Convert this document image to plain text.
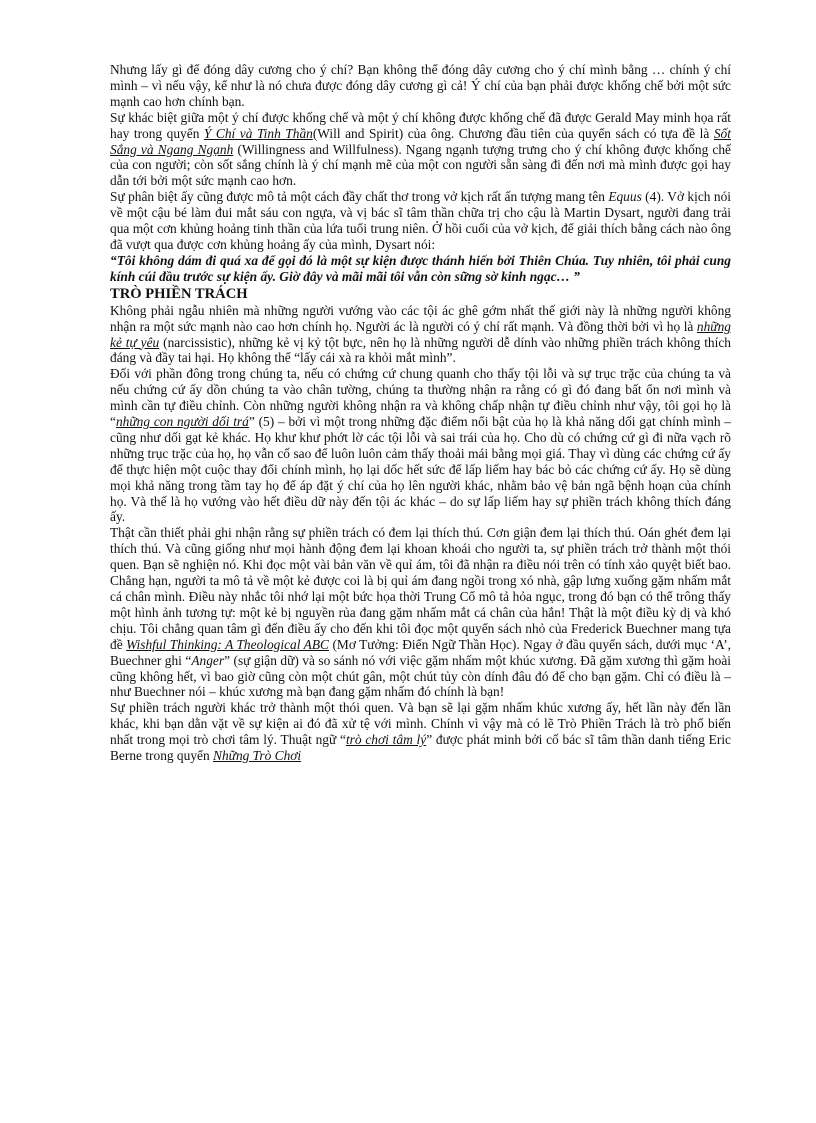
Nhưng lấy gì để đóng dây cương cho ý chí? Bạn không thể đóng dây cương cho ý chí mình bằng … chính ý chí mình – vì nếu vậy, kể như là nó chưa được đóng dây cương gì cả! Ý chí của bạn phải được khống chế bởi một sức mạnh cao hơn chính bạn.

Sự khác biệt giữa một ý chí được khống chế và một ý chí không được khống chế đã được Gerald May minh họa rất hay trong quyển Ý Chí và Tinh Thần(Will and Spirit) của ông. Chương đầu tiên của quyển sách có tựa đề là Sốt Sắng và Ngang Ngạnh (Willingness and Willfulness). Ngang ngạnh tượng trưng cho ý chí không được khống chế của con người; còn sốt sắng chính là ý chí mạnh mẽ của một con người sẵn sàng đi đến nơi mà mình được gọi hay dẫn tới bởi một sức mạnh cao hơn.

Sự phân biệt ấy cũng được mô tả một cách đầy chất thơ trong vở kịch rất ấn tượng mang tên Equus (4). Vở kịch nói về một cậu bé làm đui mắt sáu con ngựa, và vị bác sĩ tâm thần chữa trị cho cậu là Martin Dysart, người đang trải qua một cơn khủng hoảng tinh thần của lứa tuổi trung niên. Ở hồi cuối của vở kịch, để giải thích bằng cách nào ông đã vượt qua được cơn khủng hoảng ấy của mình, Dysart nói:

“Tôi không dám đi quá xa để gọi đó là một sự kiện được thánh hiến bởi Thiên Chúa. Tuy nhiên, tôi phải cung kính cúi đầu trước sự kiện ấy. Giờ đây và mãi mãi tôi vẫn còn sững sờ kinh ngạc… ”

TRÒ PHIỀN TRÁCH

Không phải ngẫu nhiên mà những người vướng vào các tội ác ghê gớm nhất thế giới này là những người không nhận ra một sức mạnh nào cao hơn chính họ. Người ác là người có ý chí rất mạnh. Và đồng thời bởi vì họ là những kẻ tự yêu (narcissistic), những kẻ vị kỷ tột bực, nên họ là những người dễ dính vào những phiền trách không thích đáng và đầy tai hại. Họ không thể “lấy cái xà ra khỏi mắt mình”.

Đối với phần đông trong chúng ta, nếu có chứng cứ chung quanh cho thấy tội lỗi và sự trục trặc của chúng ta và nếu chứng cứ ấy dồn chúng ta vào chân tường, chúng ta thường nhận ra rằng có gì đó đang bất ổn nơi mình và mình cần tự điều chỉnh. Còn những người không nhận ra và không chấp nhận tự điều chỉnh như vậy, tôi gọi họ là “những con người dối trá” (5) – bởi vì một trong những đặc điểm nổi bật của họ là khả năng dối gạt chính mình – cũng như dối gạt kẻ khác. Họ khư khư phớt lờ các tội lỗi và sai trái của họ. Cho dù có chứng cứ gì đi nữa vạch rõ những trục trặc của họ, họ vẫn cố sao để luôn luôn cảm thấy thoải mái bằng mọi giá. Thay vì dùng các chứng cứ ấy để thực hiện một cuộc thay đổi chính mình, họ lại dốc hết sức để lấp liếm hay bác bỏ các chứng cứ ấy. Họ sẽ dùng mọi khả năng trong tầm tay họ để áp đặt ý chí của họ lên người khác, nhằm bảo vệ bản ngã bệnh hoạn của chính họ. Và thế là họ vướng vào hết điều dữ này đến tội ác khác – do sự lấp liếm hay sự phiền trách không thích đáng ấy.

Thật cần thiết phải ghi nhận rằng sự phiền trách có đem lại thích thú. Cơn giận đem lại thích thú. Oán ghét đem lại thích thú. Và cũng giống như mọi hành động đem lại khoan khoái cho người ta, sự phiền trách trở thành một thói quen. Bạn sẽ nghiện nó. Khi đọc một vài bản văn về quỉ ám, tôi đã nhận ra điều nói trên có tính xảo quyệt biết bao. Chẳng hạn, người ta mô tả về một kẻ được coi là bị quỉ ám đang ngồi trong xó nhà, gập lưng xuống gặm nhấm mắt cá chân mình. Điều này nhắc tôi nhớ lại một bức họa thời Trung Cổ mô tả hỏa ngục, trong đó bạn có thể trông thấy một hình ảnh tương tự: một kẻ bị nguyền rủa đang gặm nhấm mắt cá chân của hắn! Thật là một điều kỳ dị và khó chịu. Tôi chẳng quan tâm gì đến điều ấy cho đến khi tôi đọc một quyển sách nhỏ của Frederick Buechner mang tựa đề Wishful Thinking: A Theological ABC (Mơ Tưởng: Điển Ngữ Thần Học). Ngay ở đầu quyển sách, dưới mục ‘A’, Buechner ghi “Anger” (sự giận dữ) và so sánh nó với việc gặm nhấm một khúc xương. Đã gặm xương thì gặm hoài cũng không hết, vì bao giờ cũng còn một chút gân, một chút tủy còn dính đâu đó để cho bạn gặm. Chỉ có điều là – như Buechner nói – khúc xương mà bạn đang gặm nhấm đó chính là bạn!

Sự phiền trách người khác trở thành một thói quen. Và bạn sẽ lại gặm nhấm khúc xương ấy, hết lần này đến lần khác, khi bạn dằn vặt về sự kiện ai đó đã xử tệ với mình. Chính vì vậy mà có lẽ Trò Phiền Trách là trò phổ biến nhất trong mọi trò chơi tâm lý. Thuật ngữ “trò chơi tâm lý” được phát minh bởi cố bác sĩ tâm thần danh tiếng Eric Berne trong quyển Những Trò Chơi
